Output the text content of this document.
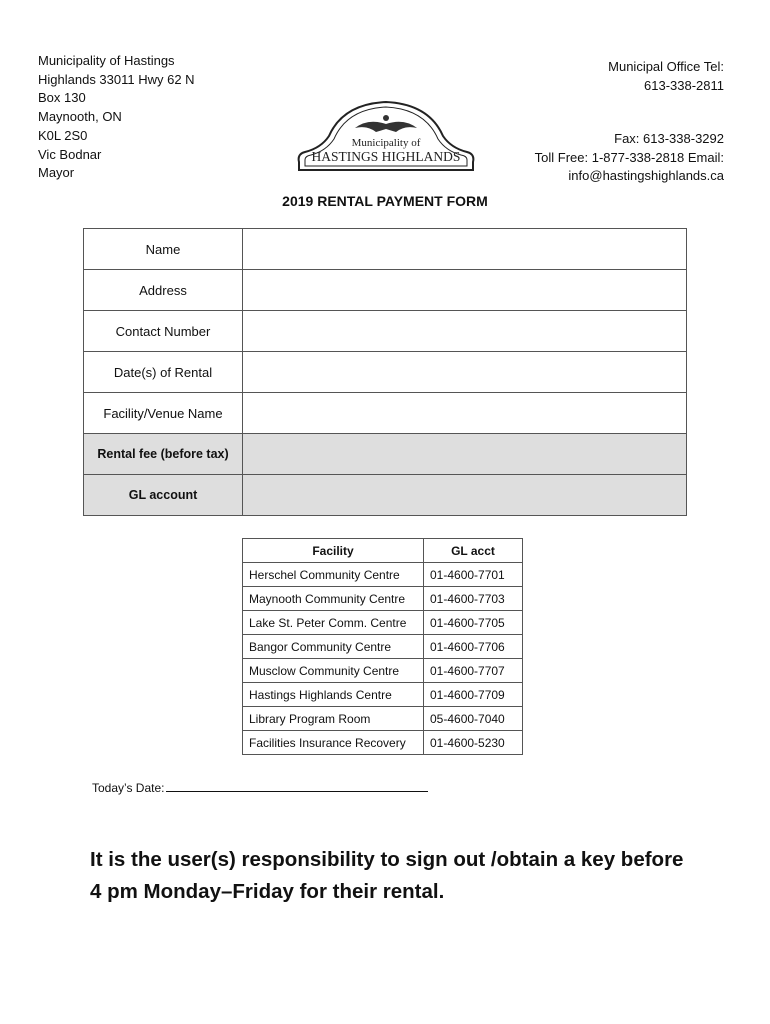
Municipality of Hastings
Highlands 33011 Hwy 62 N
Box 130
Maynooth, ON
K0L 2S0
Vic Bodnar
Mayor
Municipal Office Tel:
613-338-2811
Fax: 613-338-3292
Toll Free: 1-877-338-2818 Email:
info@hastingshighlands.ca
Municipality of
HASTINGS HIGHLANDS
2019 RENTAL PAYMENT FORM
Name	
Address	
Contact Number	
Date(s) of Rental	
Facility/Venue Name	
Rental fee (before tax)	
GL account	
Facility	GL acct
Herschel Community Centre	01-4600-7701
Maynooth Community Centre	01-4600-7703
Lake St. Peter Comm. Centre	01-4600-7705
Bangor Community Centre	01-4600-7706
Musclow Community Centre	01-4600-7707
Hastings Highlands Centre	01-4600-7709
Library Program Room	05-4600-7040
Facilities Insurance Recovery	01-4600-5230
Today’s Date:
It is the user(s) responsibility to sign out /obtain a key before
4 pm Monday–Friday for their rental.
